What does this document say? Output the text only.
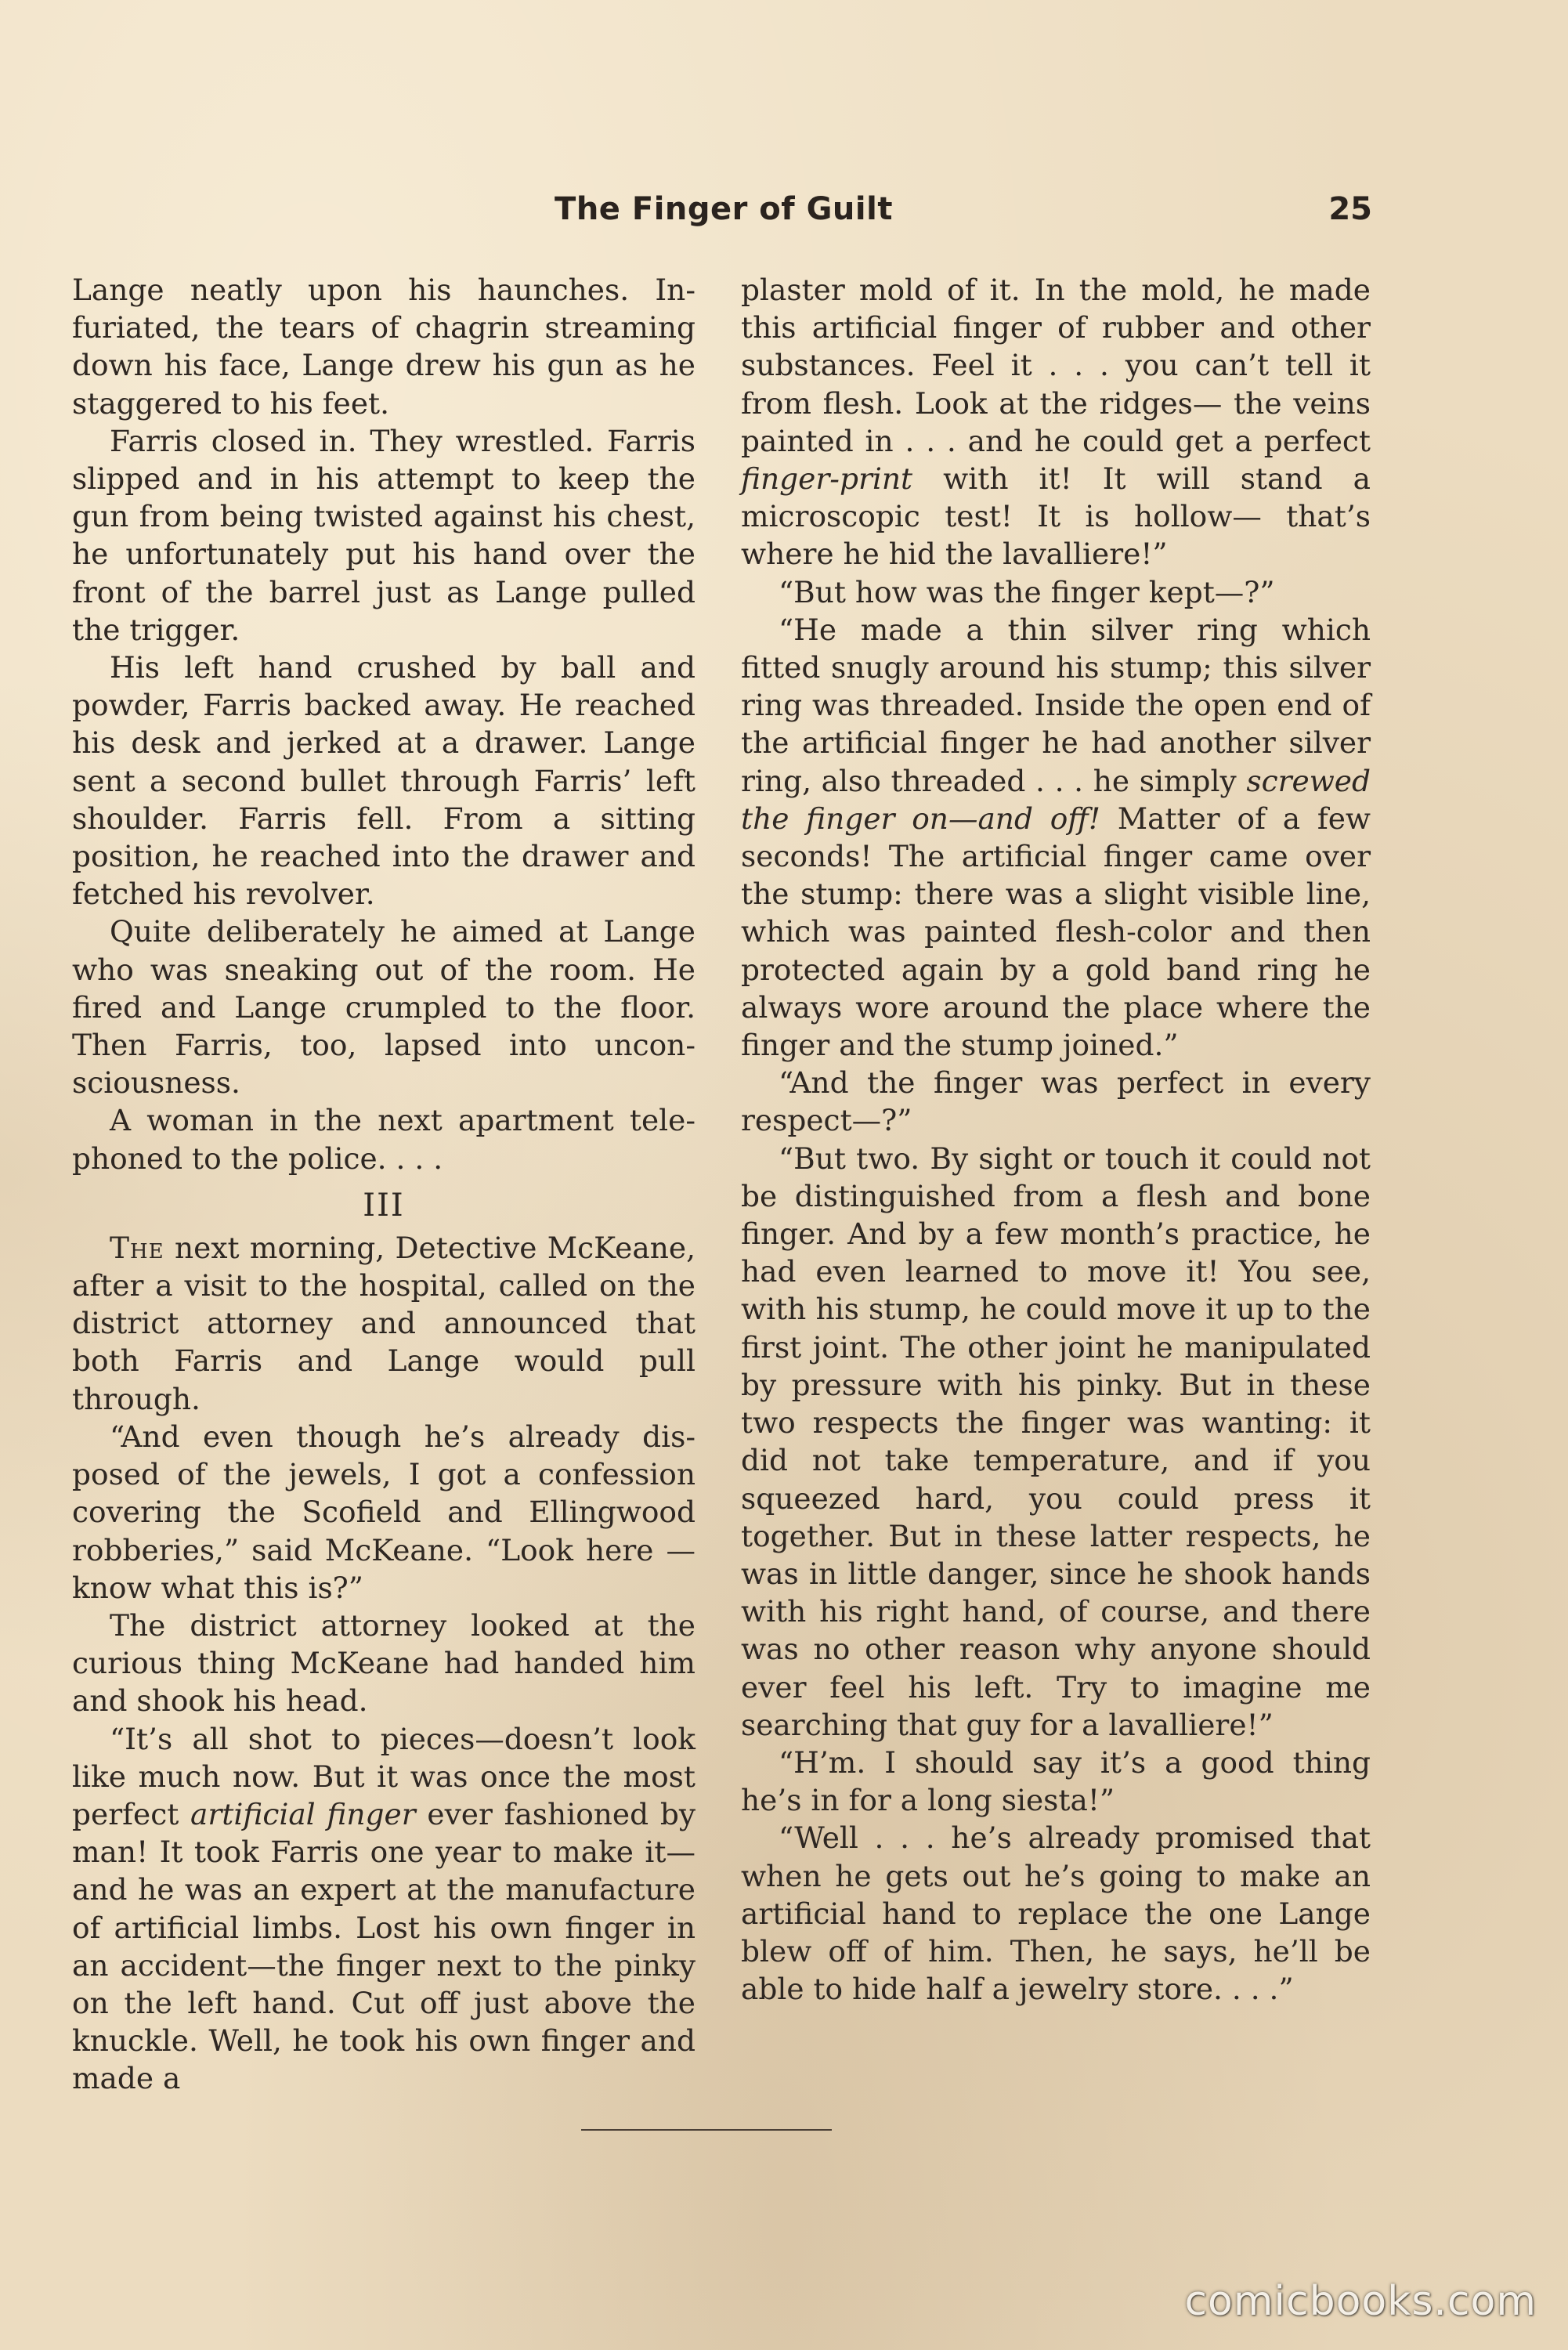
The Finger of Guilt	25

Lange neatly upon his haunches. Infuriated, the tears of chagrin streaming down his face, Lange drew his gun as he staggered to his feet.

Farris closed in. They wrestled. Farris slipped and in his attempt to keep the gun from being twisted against his chest, he unfortunately put his hand over the front of the barrel just as Lange pulled the trigger.

His left hand crushed by ball and powder, Farris backed away. He reached his desk and jerked at a drawer. Lange sent a second bullet through Farris’ left shoulder. Farris fell. From a sitting position, he reached into the drawer and fetched his revolver.

Quite deliberately he aimed at Lange who was sneaking out of the room. He fired and Lange crumpled to the floor. Then Farris, too, lapsed into unconsciousness.

A woman in the next apartment telephoned to the police. . . .

III

The next morning, Detective McKeane, after a visit to the hospital, called on the district attorney and announced that both Farris and Lange would pull through.

“And even though he’s already disposed of the jewels, I got a confession covering the Scofield and Ellingwood robberies,” said McKeane. “Look here —know what this is?”

The district attorney looked at the curious thing McKeane had handed him and shook his head.

“It’s all shot to pieces—doesn’t look like much now. But it was once the most perfect artificial finger ever fashioned by man! It took Farris one year to make it—and he was an expert at the manufacture of artificial limbs. Lost his own finger in an accident—the finger next to the pinky on the left hand. Cut off just above the knuckle. Well, he took his own finger and made a

plaster mold of it. In the mold, he made this artificial finger of rubber and other substances. Feel it . . . you can’t tell it from flesh. Look at the ridges— the veins painted in . . . and he could get a perfect finger-print with it! It will stand a microscopic test! It is hollow— that’s where he hid the lavalliere!”

“But how was the finger kept—?”

“He made a thin silver ring which fitted snugly around his stump; this silver ring was threaded. Inside the open end of the artificial finger he had another silver ring, also threaded . . . he simply screwed the finger on—and off! Matter of a few seconds! The artificial finger came over the stump: there was a slight visible line, which was painted flesh-color and then protected again by a gold band ring he always wore around the place where the finger and the stump joined.”

“And the finger was perfect in every respect—?”

“But two. By sight or touch it could not be distinguished from a flesh and bone finger. And by a few month’s practice, he had even learned to move it! You see, with his stump, he could move it up to the first joint. The other joint he manipulated by pressure with his pinky. But in these two respects the finger was wanting: it did not take temperature, and if you squeezed hard, you could press it together. But in these latter respects, he was in little danger, since he shook hands with his right hand, of course, and there was no other reason why anyone should ever feel his left. Try to imagine me searching that guy for a lavalliere!”

“H’m. I should say it’s a good thing he’s in for a long siesta!”

“Well . . . he’s already promised that when he gets out he’s going to make an artificial hand to replace the one Lange blew off of him. Then, he says, he’ll be able to hide half a jewelry store. . . .”

comicbooks.com
